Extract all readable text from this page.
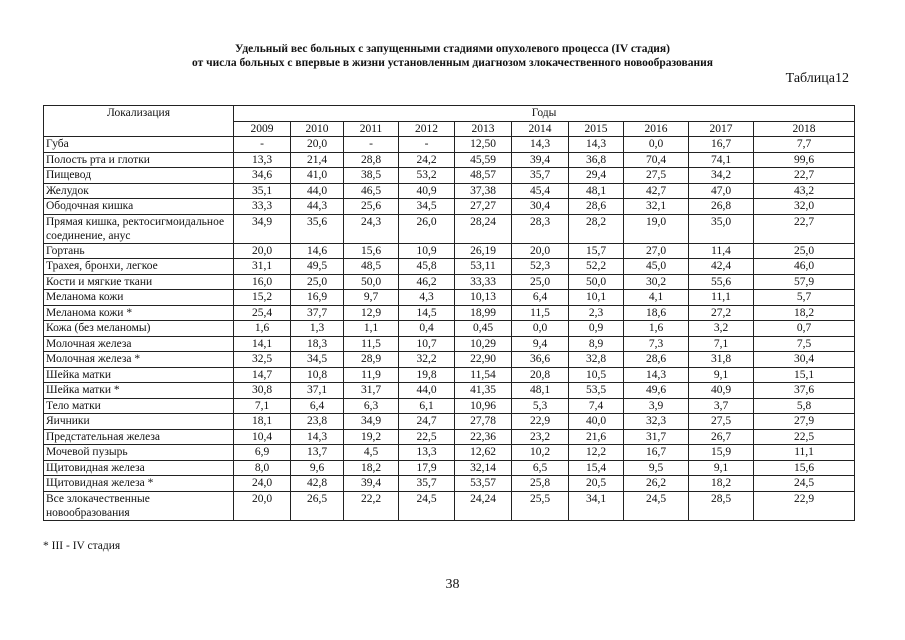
Удельный вес больных с запущенными стадиями опухолевого процесса (IV стадия)
от числа больных с впервые в жизни установленным диагнозом злокачественного новообразования
Таблица12
Локализация	Годы									
	2009	2010	2011	2012	2013	2014	2015	2016	2017	2018
Губа	-	20,0	-	-	12,50	14,3	14,3	0,0	16,7	7,7
Полость рта и глотки	13,3	21,4	28,8	24,2	45,59	39,4	36,8	70,4	74,1	99,6
Пищевод	34,6	41,0	38,5	53,2	48,57	35,7	29,4	27,5	34,2	22,7
Желудок	35,1	44,0	46,5	40,9	37,38	45,4	48,1	42,7	47,0	43,2
Ободочная кишка	33,3	44,3	25,6	34,5	27,27	30,4	28,6	32,1	26,8	32,0
Прямая кишка, ректосигмоидальное соединение, анус	34,9	35,6	24,3	26,0	28,24	28,3	28,2	19,0	35,0	22,7
Гортань	20,0	14,6	15,6	10,9	26,19	20,0	15,7	27,0	11,4	25,0
Трахея, бронхи, легкое	31,1	49,5	48,5	45,8	53,11	52,3	52,2	45,0	42,4	46,0
Кости и мягкие ткани	16,0	25,0	50,0	46,2	33,33	25,0	50,0	30,2	55,6	57,9
Меланома кожи	15,2	16,9	9,7	4,3	10,13	6,4	10,1	4,1	11,1	5,7
Меланома кожи *	25,4	37,7	12,9	14,5	18,99	11,5	2,3	18,6	27,2	18,2
Кожа (без меланомы)	1,6	1,3	1,1	0,4	0,45	0,0	0,9	1,6	3,2	0,7
Молочная железа	14,1	18,3	11,5	10,7	10,29	9,4	8,9	7,3	7,1	7,5
Молочная железа *	32,5	34,5	28,9	32,2	22,90	36,6	32,8	28,6	31,8	30,4
Шейка матки	14,7	10,8	11,9	19,8	11,54	20,8	10,5	14,3	9,1	15,1
Шейка матки *	30,8	37,1	31,7	44,0	41,35	48,1	53,5	49,6	40,9	37,6
Тело матки	7,1	6,4	6,3	6,1	10,96	5,3	7,4	3,9	3,7	5,8
Яичники	18,1	23,8	34,9	24,7	27,78	22,9	40,0	32,3	27,5	27,9
Предстательная железа	10,4	14,3	19,2	22,5	22,36	23,2	21,6	31,7	26,7	22,5
Мочевой пузырь	6,9	13,7	4,5	13,3	12,62	10,2	12,2	16,7	15,9	11,1
Щитовидная железа	8,0	9,6	18,2	17,9	32,14	6,5	15,4	9,5	9,1	15,6
Щитовидная железа *	24,0	42,8	39,4	35,7	53,57	25,8	20,5	26,2	18,2	24,5
Все злокачественные новообразования	20,0	26,5	22,2	24,5	24,24	25,5	34,1	24,5	28,5	22,9
* III - IV стадия
38
